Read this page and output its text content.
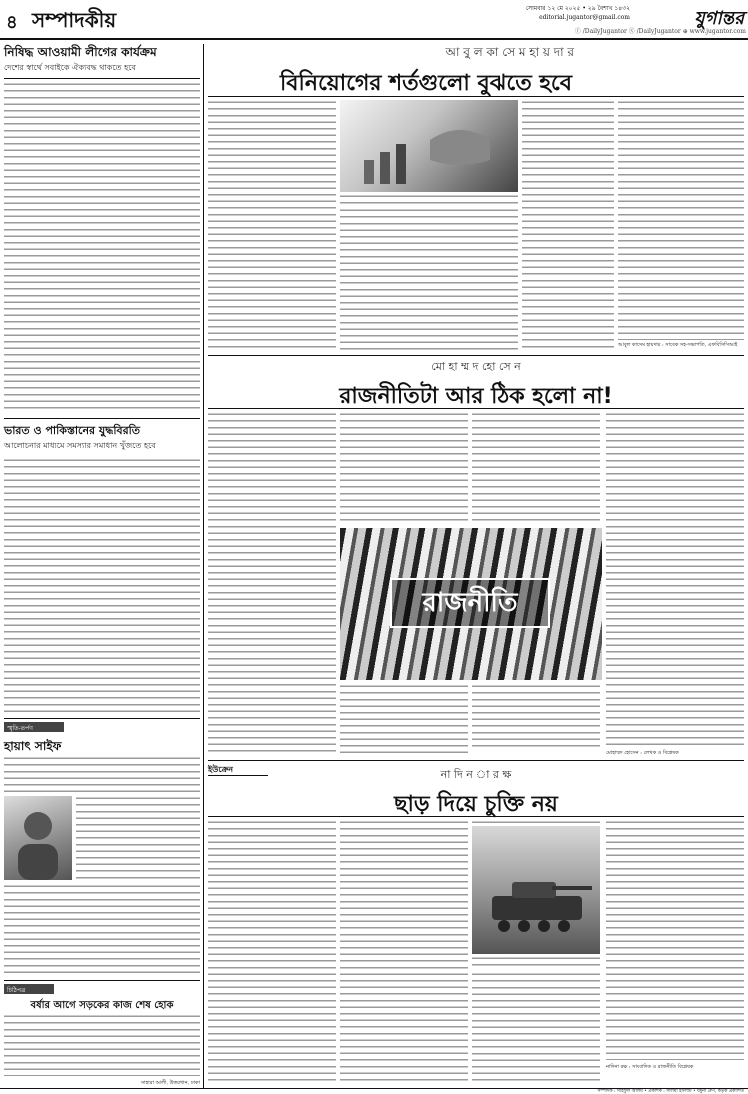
৪ সম্পাদকীয়	সোমবার ১২ মে ২০২৫ • ২৯ বৈশাখ ১৪৩২
editorial.jugantor@gmail.com	যুগান্তর
ⓕ /DailyJugantor Ⓧ /DailyJugantor ⊕ www.jugantor.com
নিষিদ্ধ আওয়ামী লীগের কার্যক্রম
দেশের স্বার্থে সবাইকে ঐক্যবদ্ধ থাকতে হবে
ভারত ও পাকিস্তানের যুদ্ধবিরতি
আলোচনার মাধ্যমে সমস্যার সমাধান খুঁজতে হবে
স্মৃতি-তর্পণ
হায়াৎ সাইফ
চিঠিপত্র
বর্ষার আগে সড়কের কাজ শেষ হোক
সাহারা আলী, উত্তরখান, ঢাকা
আ বু ল কা সে ম হা য় দা র
বিনিয়োগের শর্তগুলো বুঝতে হবে
আবুল কাসেম হায়দার : সাবেক সহ-সভাপতি, এফবিসিসিআই
মো হা ম্ম দ হো সে ন
রাজনীতিটা আর ঠিক হলো না!
রাজনীতি
মোহাম্মদ হোসেন : লেখক ও বিশ্লেষক
ইউক্রেন	না দি ন া র ক্ষ
ছাড় দিয়ে চুক্তি নয়
নাদিনা রক্ষ : সাংবাদিক ও রাজনীতি বিশ্লেষক
সম্পাদক : সাইফুল আলম • প্রকাশক : সালমা ইসলাম • যমুনা গ্রুপ, কর্তৃক প্রকাশিত
